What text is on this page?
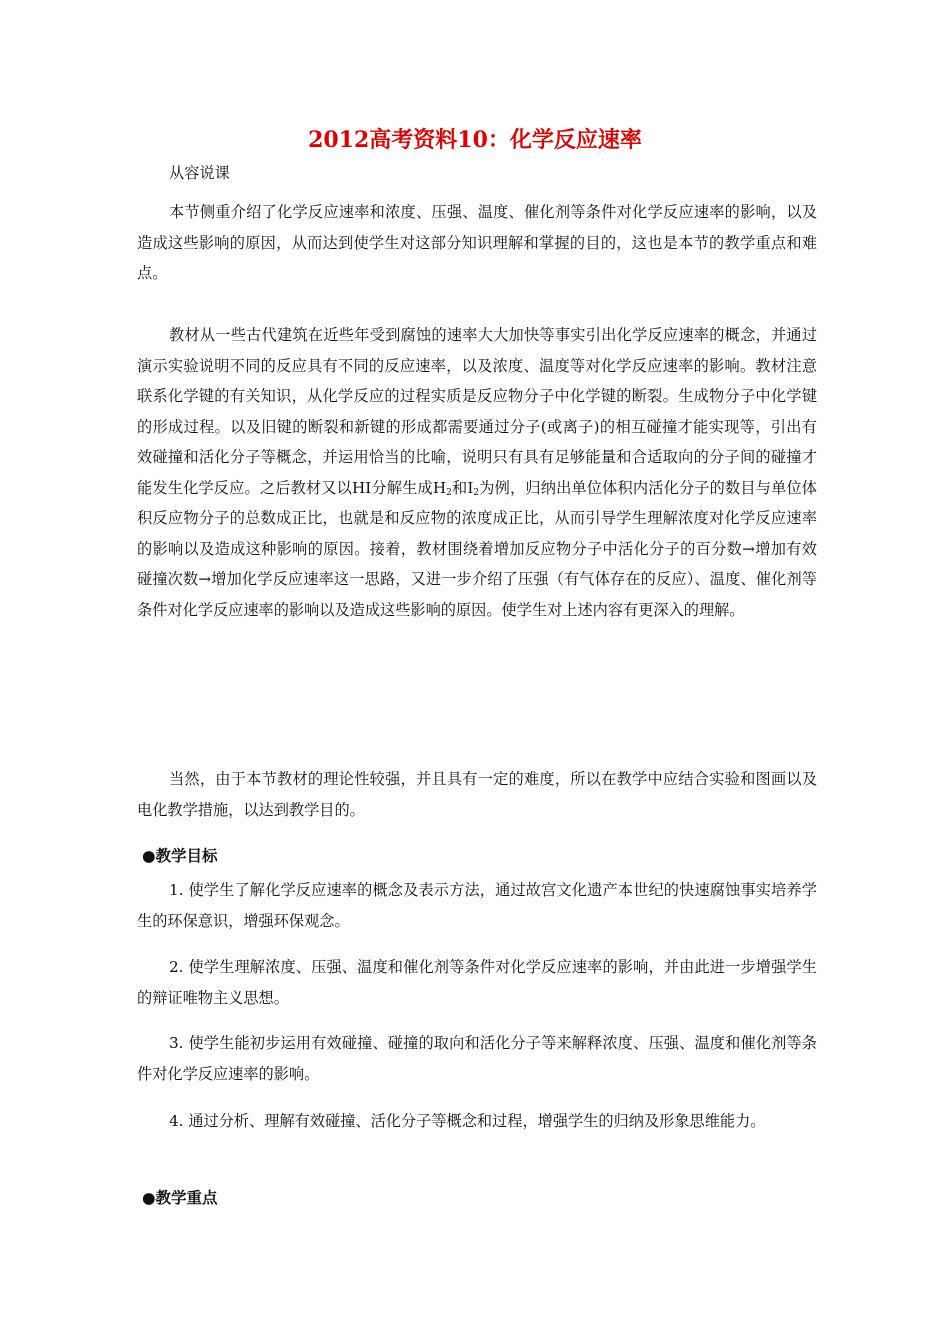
2012高考资料10：化学反应速率

从容说课

本节侧重介绍了化学反应速率和浓度、压强、温度、催化剂等条件对化学反应速率的影响，以及造成这些影响的原因，从而达到使学生对这部分知识理解和掌握的目的，这也是本节的教学重点和难点。

教材从一些古代建筑在近些年受到腐蚀的速率大大加快等事实引出化学反应速率的概念，并通过演示实验说明不同的反应具有不同的反应速率，以及浓度、温度等对化学反应速率的影响。教材注意联系化学键的有关知识，从化学反应的过程实质是反应物分子中化学键的断裂。生成物分子中化学键的形成过程。以及旧键的断裂和新键的形成都需要通过分子(或离子)的相互碰撞才能实现等，引出有效碰撞和活化分子等概念，并运用恰当的比喻，说明只有具有足够能量和合适取向的分子间的碰撞才能发生化学反应。之后教材又以HI分解生成$H_2$和$I_2$为例，归纳出单位体积内活化分子的数目与单位体积反应物分子的总数成正比，也就是和反应物的浓度成正比，从而引导学生理解浓度对化学反应速率的影响以及造成这种影响的原因。接着，教材围绕着增加反应物分子中活化分子的百分数→增加有效碰撞次数→增加化学反应速率这一思路，又进一步介绍了压强（有气体存在的反应）、温度、催化剂等条件对化学反应速率的影响以及造成这些影响的原因。使学生对上述内容有更深入的理解。

当然，由于本节教材的理论性较强，并且具有一定的难度，所以在教学中应结合实验和图画以及电化教学措施，以达到教学目的。

●教学目标

1. 使学生了解化学反应速率的概念及表示方法，通过故宫文化遗产本世纪的快速腐蚀事实培养学生的环保意识，增强环保观念。

2. 使学生理解浓度、压强、温度和催化剂等条件对化学反应速率的影响，并由此进一步增强学生的辩证唯物主义思想。

3. 使学生能初步运用有效碰撞、碰撞的取向和活化分子等来解释浓度、压强、温度和催化剂等条件对化学反应速率的影响。

4. 通过分析、理解有效碰撞、活化分子等概念和过程，增强学生的归纳及形象思维能力。

●教学重点
